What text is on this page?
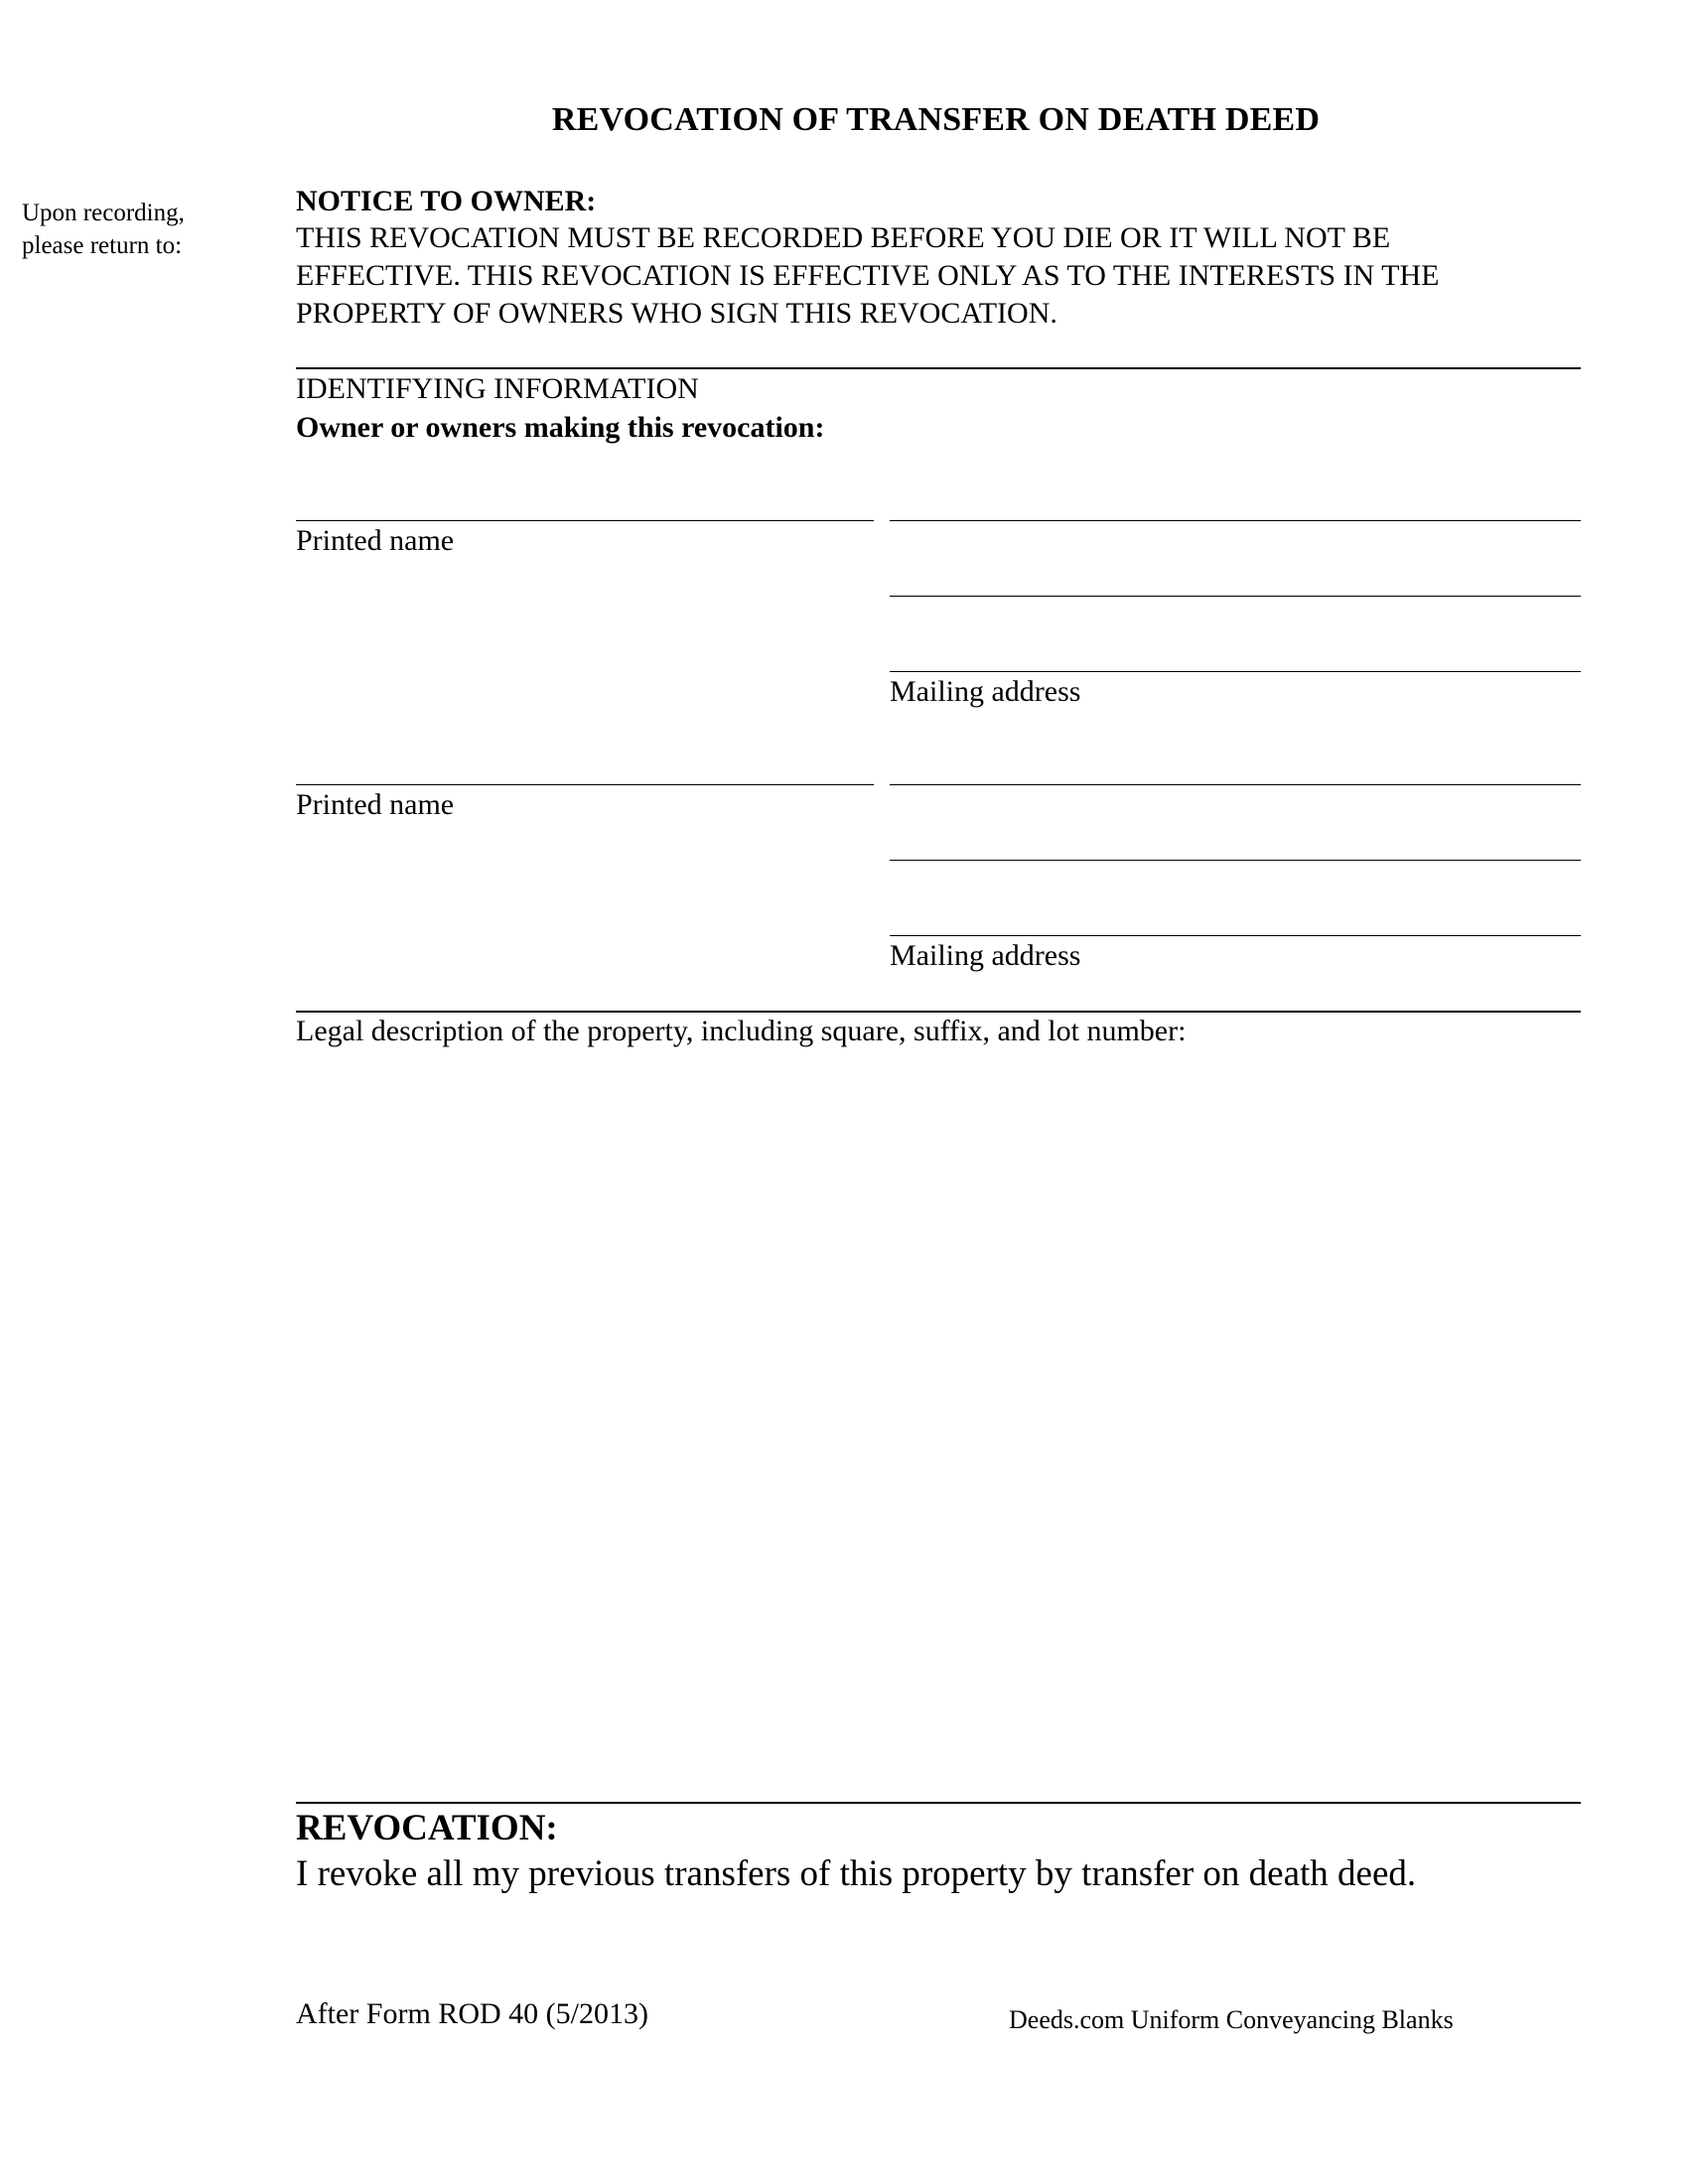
REVOCATION OF TRANSFER ON DEATH DEED
Upon recording,
please return to:
NOTICE TO OWNER:
THIS REVOCATION MUST BE RECORDED BEFORE YOU DIE OR IT WILL NOT BE
EFFECTIVE. THIS REVOCATION IS EFFECTIVE ONLY AS TO THE INTERESTS IN THE
PROPERTY OF OWNERS WHO SIGN THIS REVOCATION.
IDENTIFYING INFORMATION
Owner or owners making this revocation:
Printed name
Mailing address
Printed name
Mailing address
Legal description of the property, including square, suffix, and lot number:
REVOCATION:
I revoke all my previous transfers of this property by transfer on death deed.
After Form ROD 40 (5/2013)	Deeds.com Uniform Conveyancing Blanks
